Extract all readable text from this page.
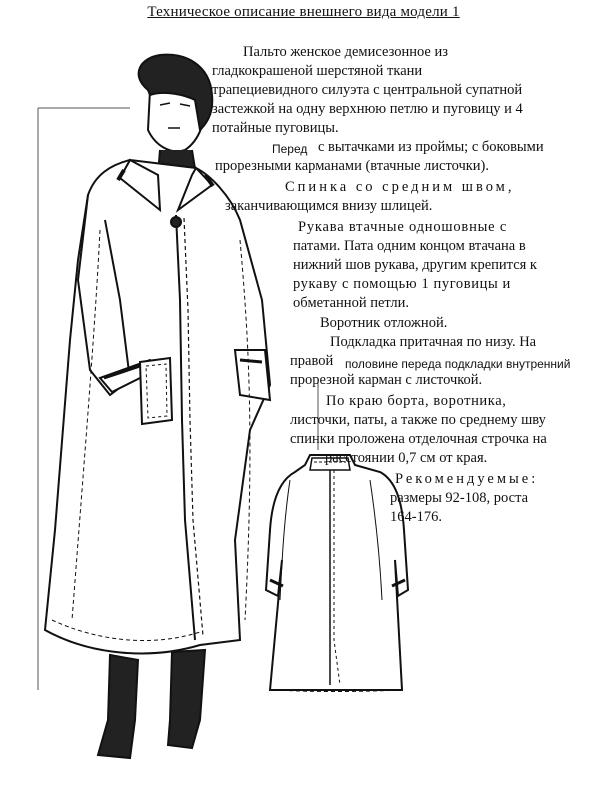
Техническое описание внешнего вида модели 1
Пальто женское демисезонное из
гладкокрашеной шерстяной ткани
трапециевидного силуэта с центральной супатной
застежкой на одну верхнюю петлю и пуговицу и 4
потайные пуговицы.
Перед с вытачками из проймы; с боковыми
прорезными карманами (втачные листочки).
Спинка со средним швом,
заканчивающимся внизу шлицей.
Рукава втачные одношовные с
патами. Пата одним концом втачана в
нижний шов рукава, другим крепится к
рукаву с помощью 1 пуговицы и
обметанной петли.
Воротник отложной.
Подкладка притачная по низу. На
правой половине переда подкладки внутренний
прорезной карман с листочкой.
По краю борта, воротника,
листочки, паты, а также по среднему шву
спинки проложена отделочная строчка на
расстоянии 0,7 см от края.
Рекомендуемые:
размеры 92-108, роста
164-176.
